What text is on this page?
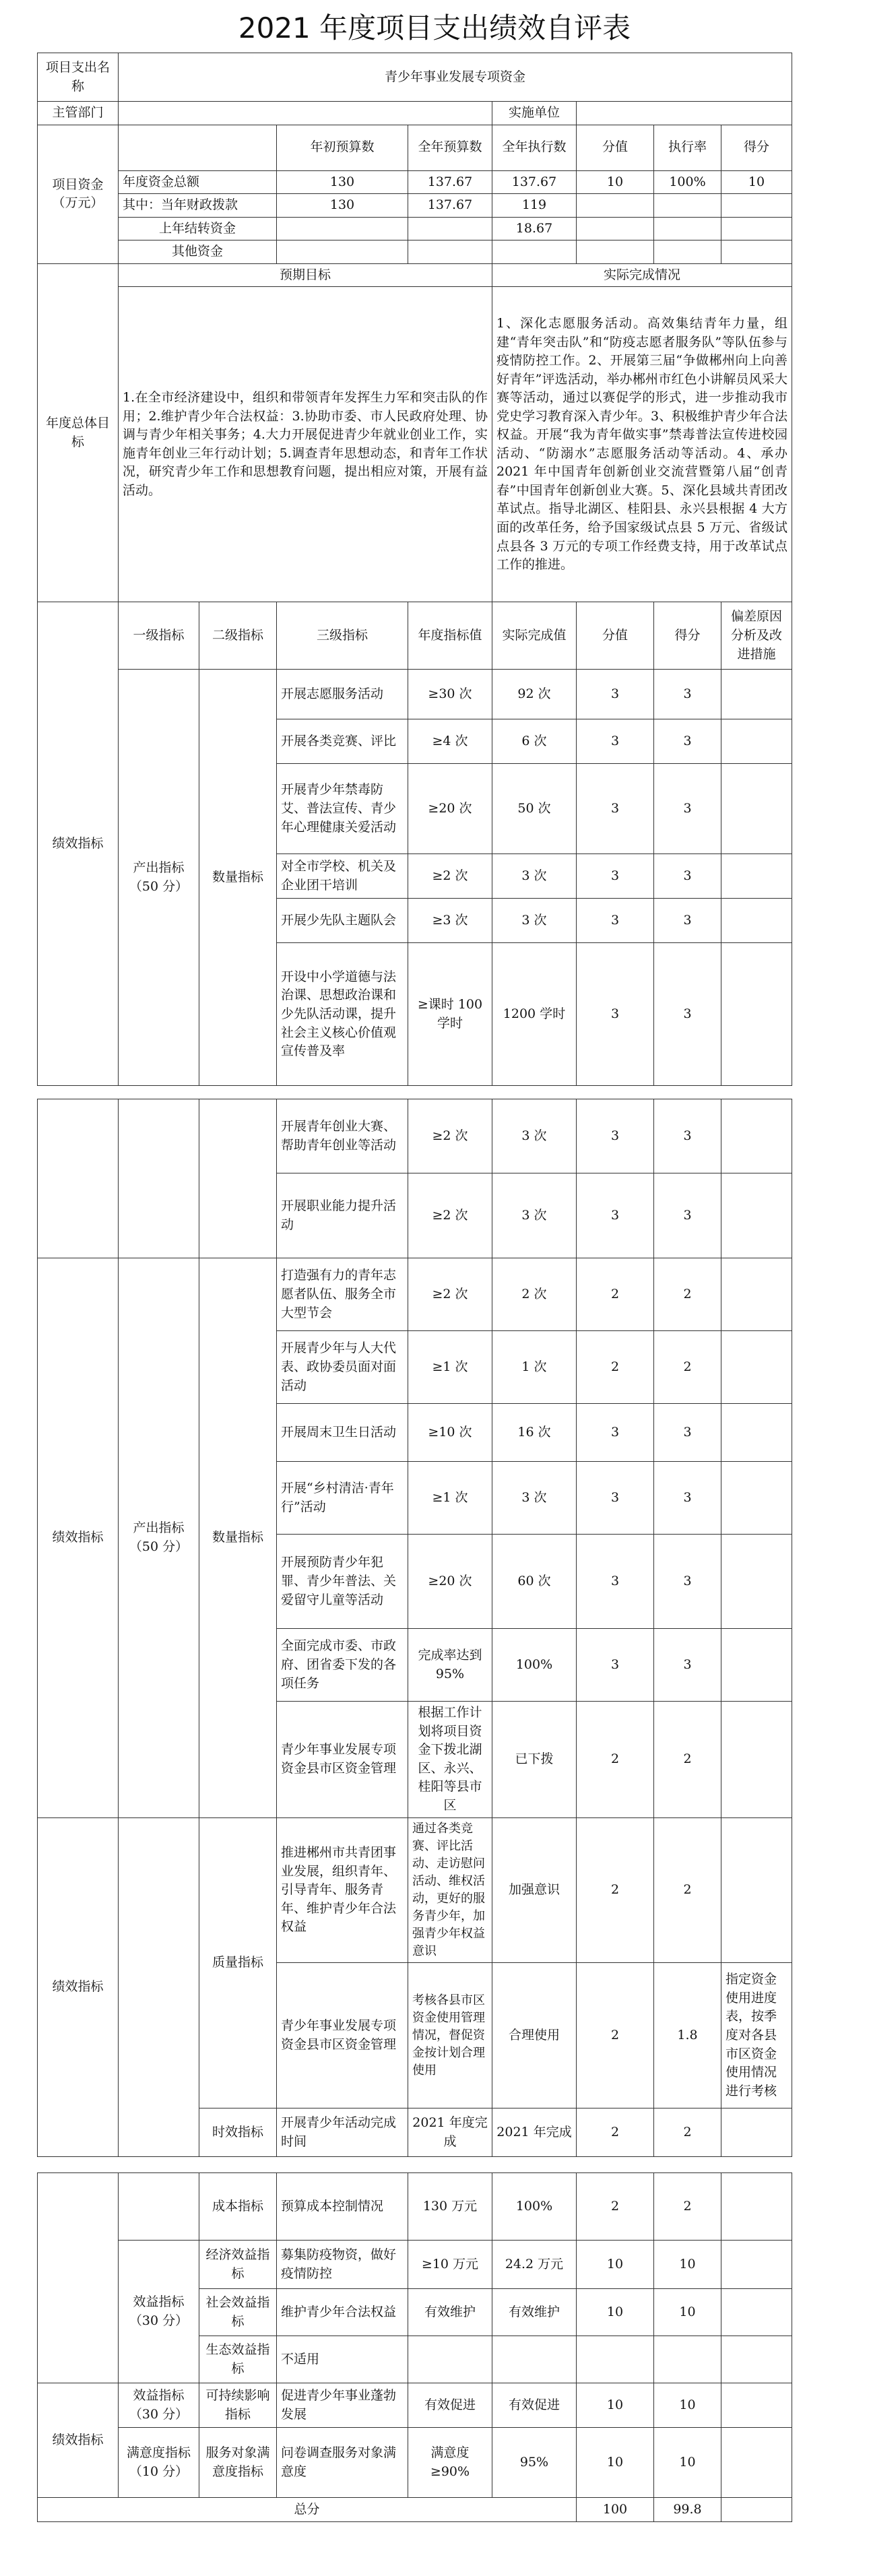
2021 年度项目支出绩效自评表
项目支出名称	青少年事业发展专项资金							
主管部门					实施单位			
项目资金（万元）			年初预算数	全年预算数	全年执行数	分值	执行率	得分
	年度资金总额		130	137.67	137.67	10	100%	10
	其中：当年财政拨款		130	137.67	119			
	上年结转资金				18.67			
	其他资金							
年度总体目标	预期目标				实际完成情况			
	1.在全市经济建设中，组织和带领青年发挥生力军和突击队的作用；2.维护青少年合法权益：3.协助市委、市人民政府处理、协调与青少年相关事务；4.大力开展促进青少年就业创业工作，实施青年创业三年行动计划；5.调查青年思想动态，和青年工作状况，研究青少年工作和思想教育问题，提出相应对策，开展有益活动。				1、深化志愿服务活动。高效集结青年力量，组建“青年突击队”和“防疫志愿者服务队”等队伍参与疫情防控工作。2、开展第三届“争做郴州向上向善好青年”评选活动，举办郴州市红色小讲解员风采大赛等活动，通过以赛促学的形式，进一步推动我市党史学习教育深入青少年。3、积极维护青少年合法权益。开展“我为青年做实事”禁毒普法宣传进校园活动、“防溺水”志愿服务活动等活动。4、承办 2021 年中国青年创新创业交流营暨第八届“创青春”中国青年创新创业大赛。5、深化县域共青团改革试点。指导北湖区、桂阳县、永兴县根据 4 大方面的改革任务，给予国家级试点县 5 万元、省级试点县各 3 万元的专项工作经费支持，用于改革试点工作的推进。			
绩效指标	一级指标	二级指标	三级指标	年度指标值	实际完成值	分值	得分	偏差原因分析及改进措施
	产出指标（50 分）	数量指标	开展志愿服务活动	≥30 次	92 次	3	3	
			开展各类竞赛、评比	≥4 次	6 次	3	3	
			开展青少年禁毒防艾、普法宣传、青少年心理健康关爱活动	≥20 次	50 次	3	3	
			对全市学校、机关及企业团干培训	≥2 次	3 次	3	3	
			开展少先队主题队会	≥3 次	3 次	3	3	
			开设中小学道德与法治课、思想政治课和少先队活动课，提升社会主义核心价值观宣传普及率	≥课时 100 学时	1200 学时	3	3	

			开展青年创业大赛、帮助青年创业等活动	≥2 次	3 次	3	3	
			开展职业能力提升活动	≥2 次	3 次	3	3	
绩效指标	产出指标（50 分）	数量指标	打造强有力的青年志愿者队伍、服务全市大型节会	≥2 次	2 次	2	2	
			开展青少年与人大代表、政协委员面对面活动	≥1 次	1 次	2	2	
			开展周末卫生日活动	≥10 次	16 次	3	3	
			开展“乡村清洁·青年行”活动	≥1 次	3 次	3	3	
			开展预防青少年犯罪、青少年普法、关爱留守儿童等活动	≥20 次	60 次	3	3	
			全面完成市委、市政府、团省委下发的各项任务	完成率达到 95%	100%	3	3	
			青少年事业发展专项资金县市区资金管理	根据工作计划将项目资金下拨北湖区、永兴、桂阳等县市区	已下拨	2	2	
绩效指标		质量指标	推进郴州市共青团事业发展，组织青年、引导青年、服务青年、维护青少年合法权益	通过各类竞赛、评比活动、走访慰问活动、维权活动，更好的服务青少年，加强青少年权益意识	加强意识	2	2	
			青少年事业发展专项资金县市区资金管理	考核各县市区资金使用管理情况，督促资金按计划合理使用	合理使用	2	1.8	指定资金使用进度表，按季度对各县市区资金使用情况进行考核
		时效指标	开展青少年活动完成时间	2021 年度完成	2021 年完成	2	2	

		成本指标	预算成本控制情况	130 万元	100%	2	2	
	效益指标（30 分）	经济效益指标	募集防疫物资，做好疫情防控	≥10 万元	24.2 万元	10	10	
		社会效益指标	维护青少年合法权益	有效维护	有效维护	10	10	
		生态效益指标	不适用					
绩效指标	效益指标（30 分）	可持续影响指标	促进青少年事业蓬勃发展	有效促进	有效促进	10	10	
	满意度指标（10 分）	服务对象满意度指标	问卷调查服务对象满意度	满意度≥90%	95%	10	10	
总分						100	99.8	
